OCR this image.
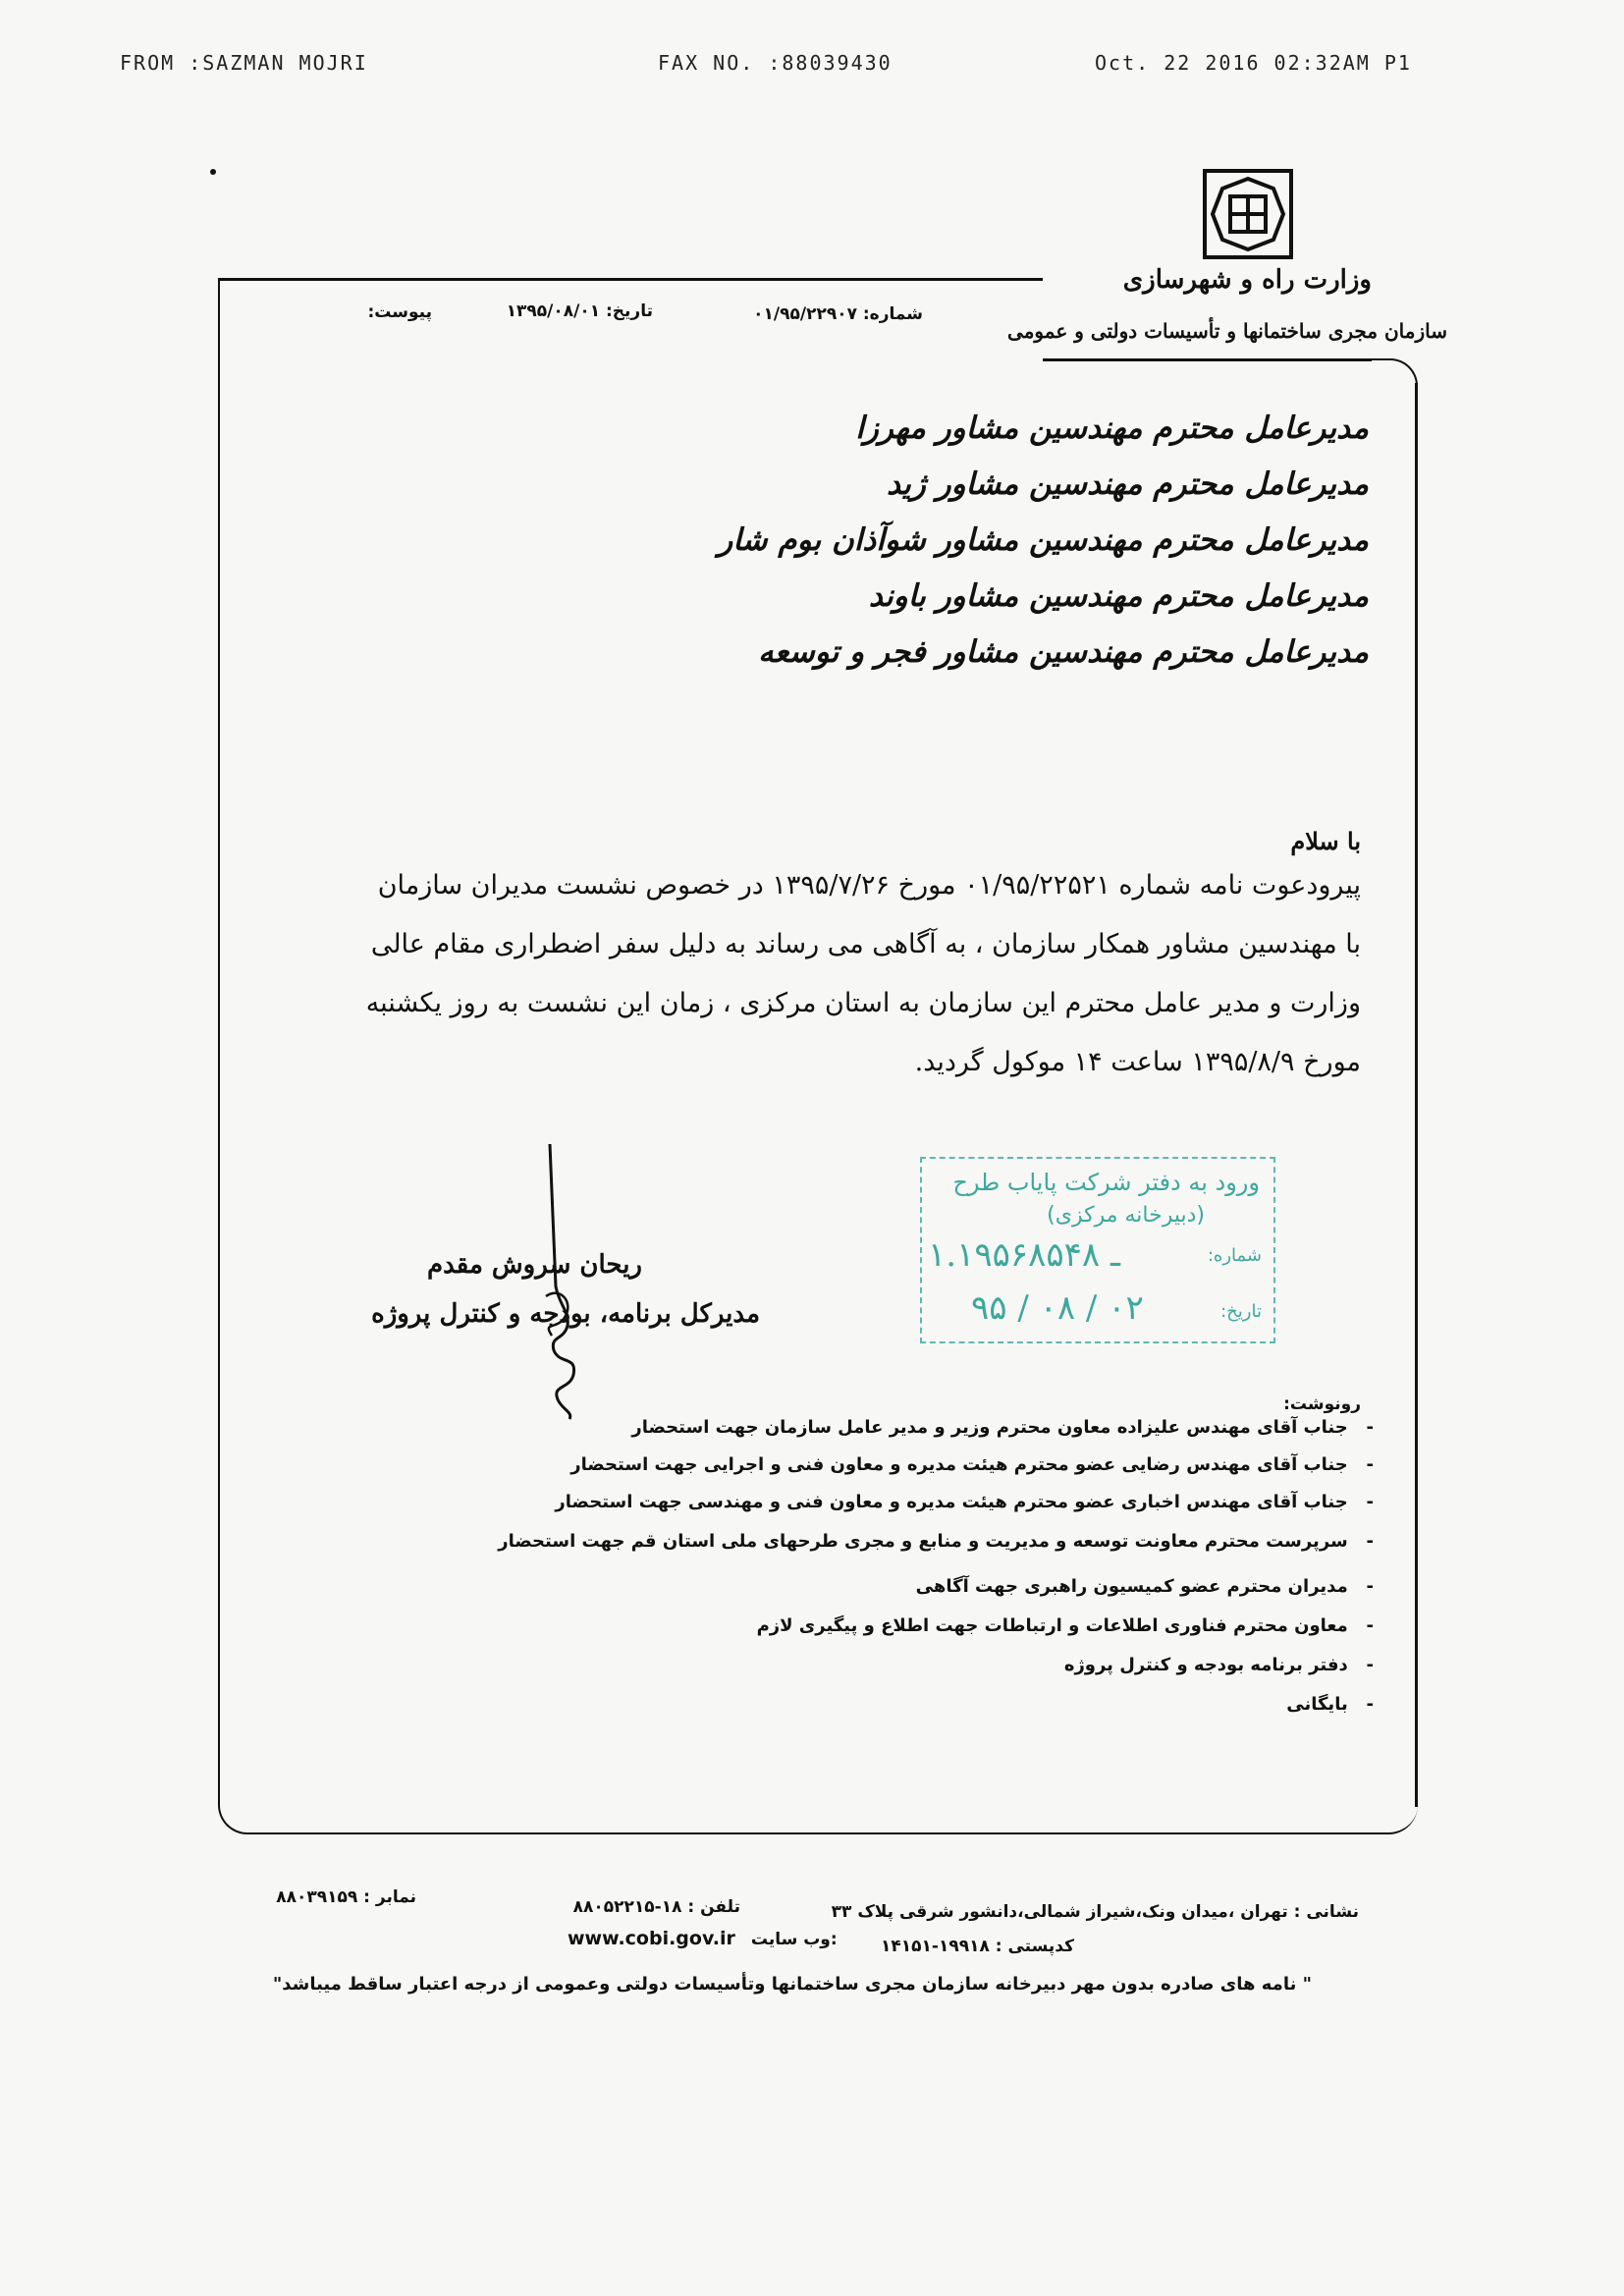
FROM :SAZMAN MOJRI	FAX NO. :88039430	Oct. 22 2016 02:32AM P1
وزارت راه و شهرسازی
سازمان مجری ساختمانها و تأسیسات دولتی و عمومی
شماره: ۰۱/۹۵/۲۲۹۰۷
تاریخ: ۱۳۹۵/۰۸/۰۱
پیوست:
مدیرعامل محترم مهندسین مشاور مهرزا
مدیرعامل محترم مهندسین مشاور ژید
مدیرعامل محترم مهندسین مشاور شوآذان بوم شار
مدیرعامل محترم مهندسین مشاور باوند
مدیرعامل محترم مهندسین مشاور فجر و توسعه
با سلام
پیرودعوت نامه شماره ۰۱/۹۵/۲۲۵۲۱ مورخ ۱۳۹۵/۷/۲۶ در خصوص نشست مدیران سازمان با مهندسین مشاور همکار سازمان ، به آگاهی می رساند به دلیل سفر اضطراری مقام عالی وزارت و مدیر عامل محترم این سازمان به استان مرکزی ، زمان این نشست به روز یکشنبه مورخ ۱۳۹۵/۸/۹ ساعت ۱۴ موکول گردید.
ورود به دفتر شرکت پایاب طرح
(دبیرخانه مرکزی)
شماره:
۱.۱۹۵ـ ۶۸۵۴۸
تاریخ:
۹۵ / ۰۸ / ۰۲
ریحان سروش مقدم
مدیرکل برنامه، بودجه و کنترل پروژه
رونوشت:
-   جناب آقای مهندس علیزاده معاون محترم وزیر و مدیر عامل سازمان جهت استحضار
-   جناب آقای مهندس رضایی عضو محترم هیئت مدیره و معاون فنی و اجرایی جهت استحضار
-   جناب آقای مهندس اخباری عضو محترم هیئت مدیره و معاون فنی و مهندسی جهت استحضار
-   سرپرست محترم معاونت توسعه و مدیریت و منابع و مجری طرحهای ملی استان قم جهت استحضار
-   مدیران محترم عضو کمیسیون راهبری جهت آگاهی
-   معاون محترم فناوری اطلاعات و ارتباطات جهت اطلاع و پیگیری لازم
-   دفتر برنامه بودجه و کنترل پروژه
-   بایگانی
نشانی : تهران ،میدان ونک،شیراز شمالی،دانشور شرقی پلاک ۳۳
کدپستی : ۱۹۹۱۸-۱۴۱۵۱
تلفن : ۱۸-۸۸۰۵۲۲۱۵
www.cobi.gov.ir وب سایت:
نمابر : ۸۸۰۳۹۱۵۹
" نامه های صادره بدون مهر دبیرخانه سازمان مجری ساختمانها وتأسیسات دولتی وعمومی از درجه اعتبار ساقط میباشد"
